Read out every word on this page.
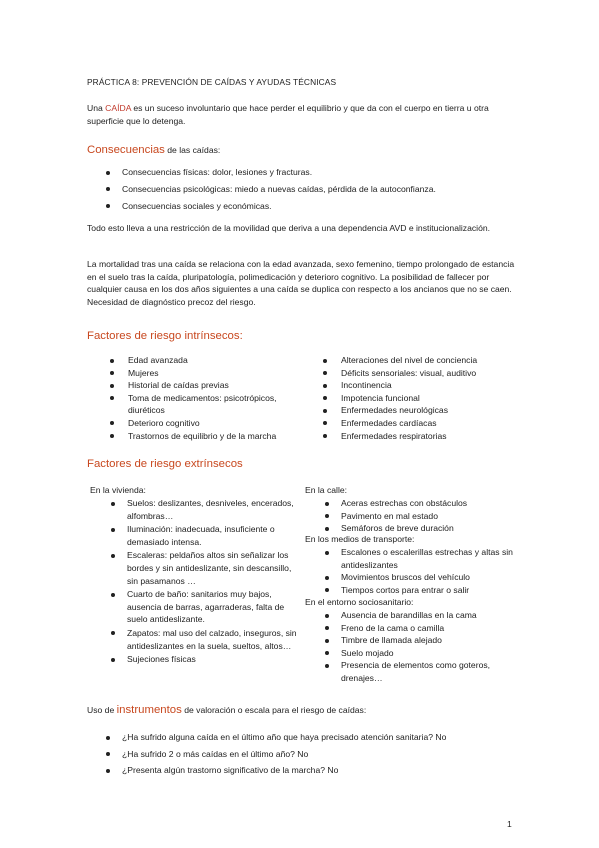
PRÁCTICA 8: PREVENCIÓN DE CAÍDAS Y AYUDAS TÉCNICAS
Una CAÍDA es un suceso involuntario que hace perder el equilibrio y que da con el cuerpo en tierra u otra superficie que lo detenga.
Consecuencias de las caídas:
Consecuencias físicas: dolor, lesiones y fracturas.
Consecuencias psicológicas: miedo a nuevas caídas, pérdida de la autoconfianza.
Consecuencias sociales y económicas.
Todo esto lleva a una restricción de la movilidad que deriva a una dependencia AVD e institucionalización.
La mortalidad tras una caída se relaciona con la edad avanzada, sexo femenino, tiempo prolongado de estancia en el suelo tras la caída, pluripatología, polimedicación y deterioro cognitivo. La posibilidad de fallecer por cualquier causa en los dos años siguientes a una caída se duplica con respecto a los ancianos que no se caen. Necesidad de diagnóstico precoz del riesgo.
Factores de riesgo intrínsecos:
Edad avanzada
Mujeres
Historial de caídas previas
Toma de medicamentos: psicotrópicos, diuréticos
Deterioro cognitivo
Trastornos de equilibrio y de la marcha
Alteraciones del nivel de conciencia
Déficits sensoriales: visual, auditivo
Incontinencia
Impotencia funcional
Enfermedades neurológicas
Enfermedades cardíacas
Enfermedades respiratorias
Factores de riesgo extrínsecos
En la vivienda:
Suelos: deslizantes, desniveles, encerados, alfombras…
Iluminación: inadecuada, insuficiente o demasiado intensa.
Escaleras: peldaños altos sin señalizar los bordes y sin antideslizante, sin descansillo, sin pasamanos …
Cuarto de baño: sanitarios muy bajos, ausencia de barras, agarraderas, falta de suelo antideslizante.
Zapatos: mal uso del calzado, inseguros, sin antideslizantes en la suela, sueltos, altos…
Sujeciones físicas
En la calle:
Aceras estrechas con obstáculos
Pavimento en mal estado
Semáforos de breve duración
En los medios de transporte:
Escalones o escalerillas estrechas y altas sin antideslizantes
Movimientos bruscos del vehículo
Tiempos cortos para entrar o salir
En el entorno sociosanitario:
Ausencia de barandillas en la cama
Freno de la cama o camilla
Timbre de llamada alejado
Suelo mojado
Presencia de elementos como goteros, drenajes…
Uso de instrumentos de valoración o escala para el riesgo de caídas:
¿Ha sufrido alguna caída en el último año que haya precisado atención sanitaria? No
¿Ha sufrido 2 o más caídas en el último año? No
¿Presenta algún trastorno significativo de la marcha? No
1
